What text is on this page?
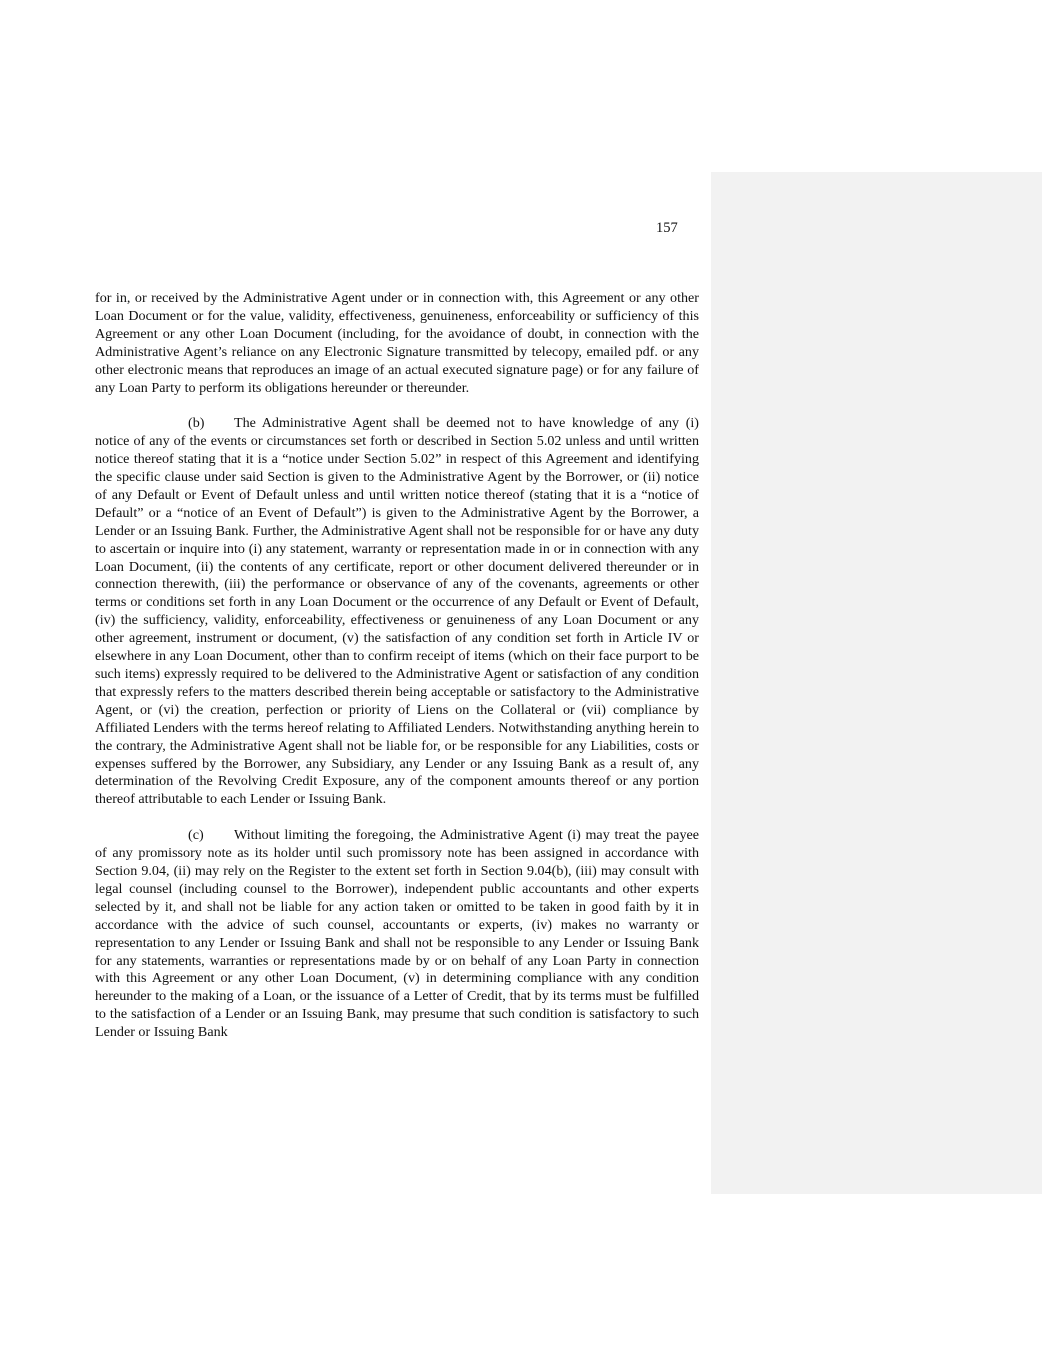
157

for in, or received by the Administrative Agent under or in connection with, this Agreement or any other Loan Document or for the value, validity, effectiveness, genuineness, enforceability or sufficiency of this Agreement or any other Loan Document (including, for the avoidance of doubt, in connection with the Administrative Agent’s reliance on any Electronic Signature transmitted by telecopy, emailed pdf. or any other electronic means that reproduces an image of an actual executed signature page) or for any failure of any Loan Party to perform its obligations hereunder or thereunder.

(b) The Administrative Agent shall be deemed not to have knowledge of any (i) notice of any of the events or circumstances set forth or described in Section 5.02 unless and until written notice thereof stating that it is a “notice under Section 5.02” in respect of this Agreement and identifying the specific clause under said Section is given to the Administrative Agent by the Borrower, or (ii) notice of any Default or Event of Default unless and until written notice thereof (stating that it is a “notice of Default” or a “notice of an Event of Default”) is given to the Administrative Agent by the Borrower, a Lender or an Issuing Bank. Further, the Administrative Agent shall not be responsible for or have any duty to ascertain or inquire into (i) any statement, warranty or representation made in or in connection with any Loan Document, (ii) the contents of any certificate, report or other document delivered thereunder or in connection therewith, (iii) the performance or observance of any of the covenants, agreements or other terms or conditions set forth in any Loan Document or the occurrence of any Default or Event of Default, (iv) the sufficiency, validity, enforceability, effectiveness or genuineness of any Loan Document or any other agreement, instrument or document, (v) the satisfaction of any condition set forth in Article IV or elsewhere in any Loan Document, other than to confirm receipt of items (which on their face purport to be such items) expressly required to be delivered to the Administrative Agent or satisfaction of any condition that expressly refers to the matters described therein being acceptable or satisfactory to the Administrative Agent, or (vi) the creation, perfection or priority of Liens on the Collateral or (vii) compliance by Affiliated Lenders with the terms hereof relating to Affiliated Lenders. Notwithstanding anything herein to the contrary, the Administrative Agent shall not be liable for, or be responsible for any Liabilities, costs or expenses suffered by the Borrower, any Subsidiary, any Lender or any Issuing Bank as a result of, any determination of the Revolving Credit Exposure, any of the component amounts thereof or any portion thereof attributable to each Lender or Issuing Bank.

(c) Without limiting the foregoing, the Administrative Agent (i) may treat the payee of any promissory note as its holder until such promissory note has been assigned in accordance with Section 9.04, (ii) may rely on the Register to the extent set forth in Section 9.04(b), (iii) may consult with legal counsel (including counsel to the Borrower), independent public accountants and other experts selected by it, and shall not be liable for any action taken or omitted to be taken in good faith by it in accordance with the advice of such counsel, accountants or experts, (iv) makes no warranty or representation to any Lender or Issuing Bank and shall not be responsible to any Lender or Issuing Bank for any statements, warranties or representations made by or on behalf of any Loan Party in connection with this Agreement or any other Loan Document, (v) in determining compliance with any condition hereunder to the making of a Loan, or the issuance of a Letter of Credit, that by its terms must be fulfilled to the satisfaction of a Lender or an Issuing Bank, may presume that such condition is satisfactory to such Lender or Issuing Bank
